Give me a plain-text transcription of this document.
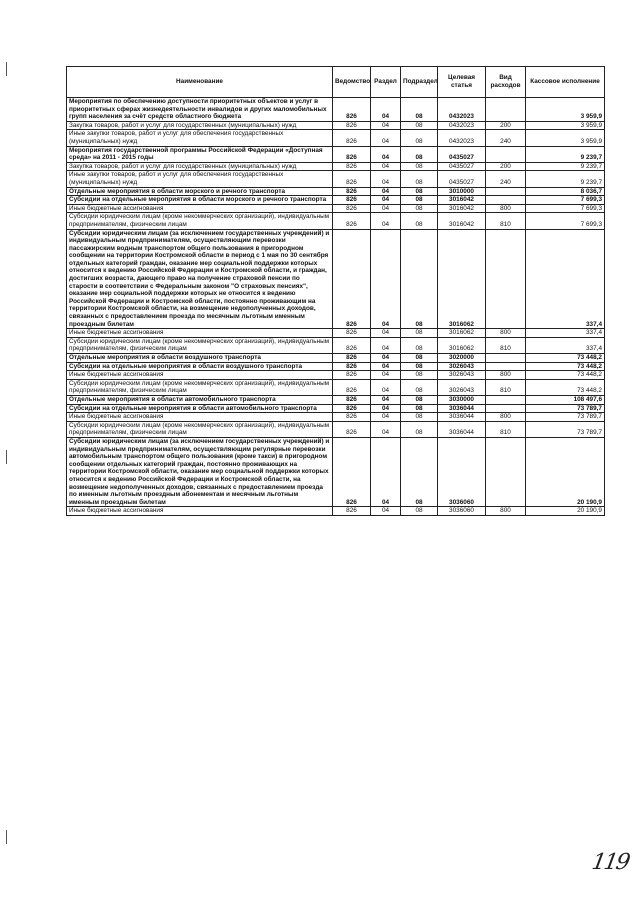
Наименование	Ведомство	Раздел	Подраздел	Целевая статья	Вид расходов	Кассовое исполнение
Мероприятия по обеспечению доступности приоритетных объектов и услуг в приоритетных сферах жизнедеятельности инвалидов и других маломобильных групп населения за счёт средств областного бюджета	826	04	08	0432023		3 959,9
Закупка товаров, работ и услуг для государственных (муниципальных) нужд	826	04	08	0432023	200	3 959,9
Иные закупки товаров, работ и услуг для обеспечения государственных (муниципальных) нужд	826	04	08	0432023	240	3 959,9
Мероприятия государственной программы Российской Федерации «Доступная среда» на 2011 - 2015 годы	826	04	08	0435027		9 239,7
Закупка товаров, работ и услуг для государственных (муниципальных) нужд	826	04	08	0435027	200	9 239,7
Иные закупки товаров, работ и услуг для обеспечения государственных (муниципальных) нужд	826	04	08	0435027	240	9 239,7
Отдельные мероприятия в области морского и речного транспорта	826	04	08	3010000		8 036,7
Субсидии на отдельные мероприятия в области морского и речного транспорта	826	04	08	3016042		7 699,3
Иные бюджетные ассигнования	826	04	08	3016042	800	7 699,3
Субсидии юридическим лицам (кроме некоммерческих организаций), индивидуальным предпринимателям, физическим лицам	826	04	08	3016042	810	7 699,3
Субсидии юридическим лицам (за исключением государственных учреждений) и индивидуальным предпринимателям, осуществляющим перевозки пассажирским водным транспортом общего пользования в пригородном сообщении на территории Костромской области в период с 1 мая по 30 сентября отдельных категорий граждан, оказание мер социальной поддержки которых относится к ведению Российской Федерации и Костромской области, и граждан, достигших возраста, дающего право на получение страховой пенсии по старости в соответствии с Федеральным законом "О страховых пенсиях", оказание мер социальной поддержки которых не относится к ведению Российской Федерации и Костромской области, постоянно проживающим на территории Костромской области, на возмещение недополученных доходов, связанных с предоставлением проезда по месячным льготным именным проездным билетам	826	04	08	3016062		337,4
Иные бюджетные ассигнования	826	04	08	3016062	800	337,4
Субсидии юридическим лицам (кроме некоммерческих организаций), индивидуальным предпринимателям, физическим лицам	826	04	08	3016062	810	337,4
Отдельные мероприятия в области воздушного транспорта	826	04	08	3020000		73 448,2
Субсидии на отдельные мероприятия в области воздушного транспорта	826	04	08	3026043		73 448,2
Иные бюджетные ассигнования	826	04	08	3026043	800	73 448,2
Субсидии юридическим лицам (кроме некоммерческих организаций), индивидуальным предпринимателям, физическим лицам	826	04	08	3026043	810	73 448,2
Отдельные мероприятия в области автомобильного транспорта	826	04	08	3030000		108 497,6
Субсидии на отдельные мероприятия в области автомобильного транспорта	826	04	08	3036044		73 789,7
Иные бюджетные ассигнования	826	04	08	3036044	800	73 789,7
Субсидии юридическим лицам (кроме некоммерческих организаций), индивидуальным предпринимателям, физическим лицам	826	04	08	3036044	810	73 789,7
Субсидии юридическим лицам (за исключением государственных учреждений) и индивидуальным предпринимателям, осуществляющим регулярные перевозки автомобильным транспортом общего пользования (кроме такси) в пригородном сообщении отдельных категорий граждан, постоянно проживающих на территории Костромской области, оказание мер социальной поддержки которых относится к ведению Российской Федерации и Костромской области, на возмещение недополученных доходов, связанных с предоставлением проезда по именным льготным проездным абонементам и месячным льготным именным проездным билетам	826	04	08	3036060		20 190,9
Иные бюджетные ассигнования	826	04	08	3036060	800	20 190,9
119
